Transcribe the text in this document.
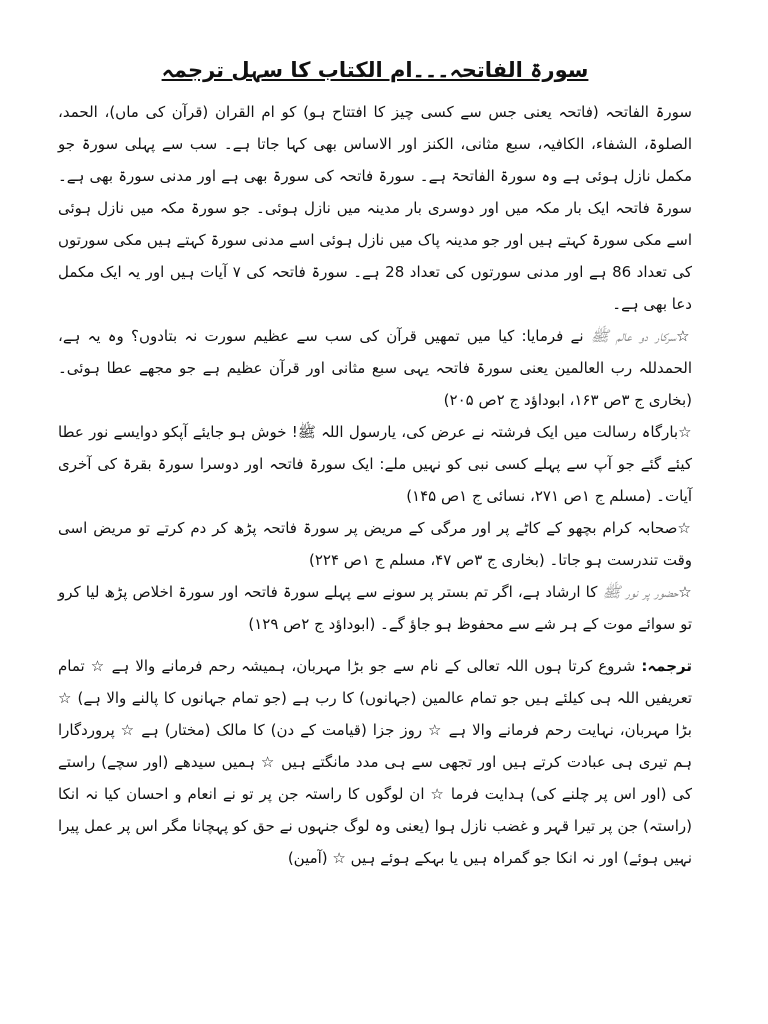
سورۃ الفاتحہ۔۔۔ام الکتاب کا سہل ترجمہ

سورۃ الفاتحہ (فاتحہ یعنی جس سے کسی چیز کا افتتاح ہو) کو ام القران (قرآن کی ماں)، الحمد، الصلوۃ، الشفاء، الکافیہ، سبع مثانی، الکنز اور الاساس بھی کہا جاتا ہے۔ سب سے پہلی سورۃ جو مکمل نازل ہوئی ہے وہ سورۃ الفاتحۃ ہے۔ سورۃ فاتحہ کی سورۃ بھی ہے اور مدنی سورۃ بھی ہے۔ سورۃ فاتحہ ایک بار مکہ میں اور دوسری بار مدینہ میں نازل ہوئی۔ جو سورۃ مکہ میں نازل ہوئی اسے مکی سورۃ کہتے ہیں اور جو مدینہ پاک میں نازل ہوئی اسے مدنی سورۃ کہتے ہیں مکی سورتوں کی تعداد 86 ہے اور مدنی سورتوں کی تعداد 28 ہے۔ سورۃ فاتحہ کی ۷ آیات ہیں اور یہ ایک مکمل دعا بھی ہے۔

☆سرکار دو عالم ﷺ نے فرمایا: کیا میں تمھیں قرآن کی سب سے عظیم سورت نہ بتادوں؟ وہ یہ ہے، الحمدللہ رب العالمین یعنی سورۃ فاتحہ یہی سبع مثانی اور قرآن عظیم ہے جو مجھے عطا ہوئی۔ (بخاری ج ۳ص ۱۶۳، ابوداؤد ج ۲ص ۲۰۵)

☆بارگاہ رسالت میں ایک فرشتہ نے عرض کی، یارسول اللہ ﷺ! خوش ہو جایئے آپکو دوایسے نور عطا کیئے گئے جو آپ سے پہلے کسی نبی کو نہیں ملے: ایک سورۃ فاتحہ اور دوسرا سورۃ بقرۃ کی آخری آیات۔ (مسلم ج ۱ص ۲۷۱، نسائی ج ۱ص ۱۴۵)

☆صحابہ کرام بچھو کے کاٹے پر اور مرگی کے مریض پر سورۃ فاتحہ پڑھ کر دم کرتے تو مریض اسی وقت تندرست ہو جاتا۔ (بخاری ج ۳ص ۴۷، مسلم ج ۱ص ۲۲۴)

☆حضور پر نور ﷺ کا ارشاد ہے، اگر تم بستر پر سونے سے پہلے سورۃ فاتحہ اور سورۃ اخلاص پڑھ لیا کرو تو سوائے موت کے ہر شے سے محفوظ ہو جاؤ گے۔ (ابوداؤد ج ۲ص ۱۲۹)

ترجمہ: شروع کرتا ہوں اللہ تعالی کے نام سے جو بڑا مہربان، ہمیشہ رحم فرمانے والا ہے ☆ تمام تعریفیں اللہ ہی کیلئے ہیں جو تمام عالمین (جہانوں) کا رب ہے (جو تمام جہانوں کا پالنے والا ہے) ☆ بڑا مہربان، نہایت رحم فرمانے والا ہے ☆ روز جزا (قیامت کے دن) کا مالک (مختار) ہے ☆ پروردگارا ہم تیری ہی عبادت کرتے ہیں اور تجھی سے ہی مدد مانگتے ہیں ☆ ہمیں سیدھے (اور سچے) راستے کی (اور اس پر چلنے کی) ہدایت فرما ☆ ان لوگوں کا راستہ جن پر تو نے انعام و احسان کیا نہ انکا (راستہ) جن پر تیرا قہر و غضب نازل ہوا (یعنی وہ لوگ جنہوں نے حق کو پہچانا مگر اس پر عمل پیرا نہیں ہوئے) اور نہ انکا جو گمراہ ہیں یا بہکے ہوئے ہیں ☆ (آمین)
